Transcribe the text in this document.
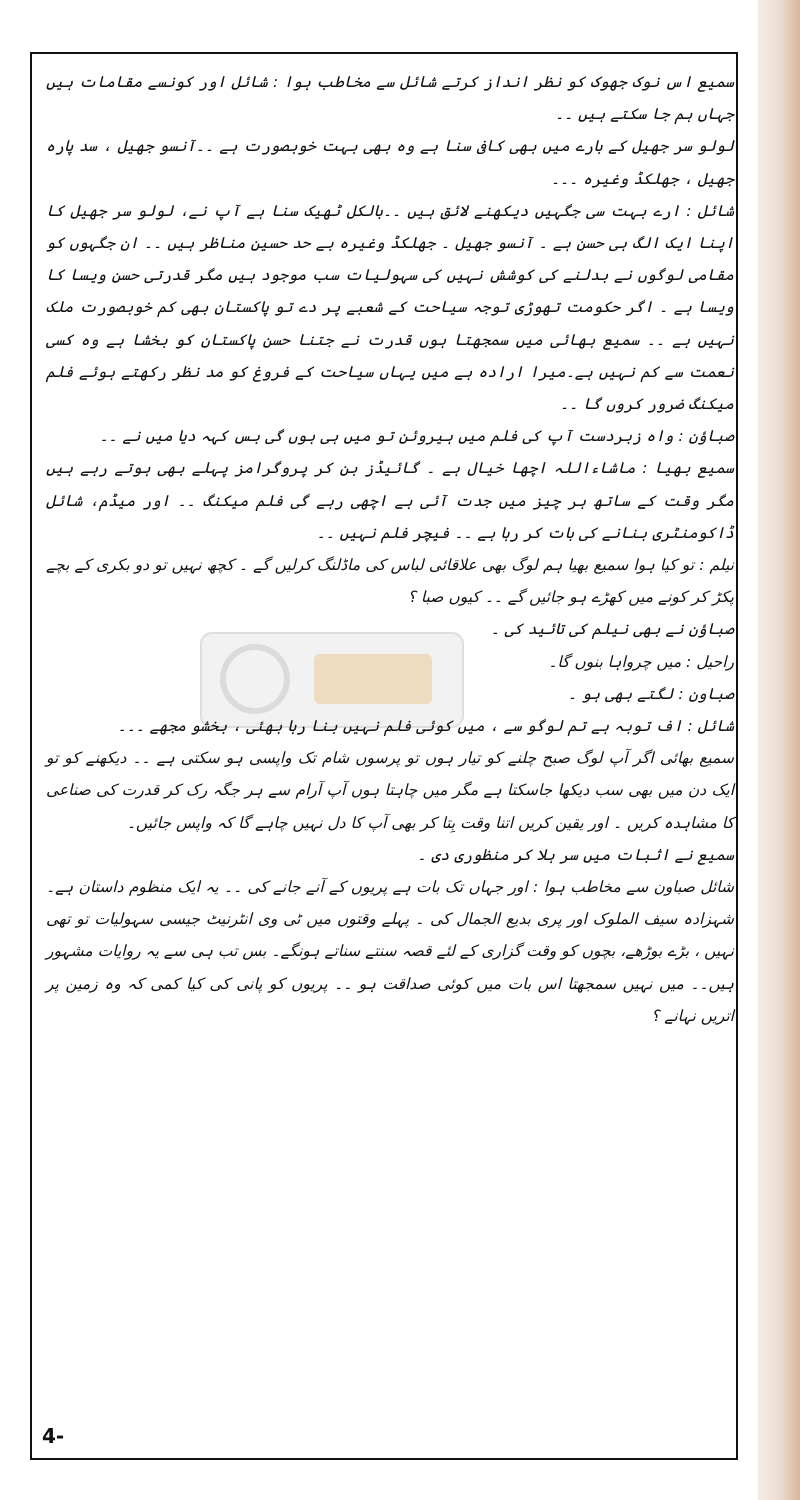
سمیع اس نوک جھوک کو نظر انداز کرتے شائل سے مخاطب ہوا : شائل اور کونسے مقامات ہیں جہاں ہم جا سکتے ہیں ۔۔

لولو سر جھیل کے بارے میں بھی کافی سنا ہے وہ بھی بہت خوبصورت ہے ۔۔آنسو جھیل ، سد پارہ جھیل ، جھلکڈ وغیرہ ۔۔۔

شائل : ارے بہت سی جگہیں دیکھنے لائق ہیں ۔۔بالکل ٹھیک سنا ہے آپ نے، لولو سر جھیل کا اپنا ایک الگ ہی حسن ہے ۔ آنسو جھیل ۔ جھلکڈ وغیرہ بے حد حسین مناظر ہیں ۔۔ ان جگہوں کو مقامی لوگوں نے بدلنے کی کوشش نہیں کی سہولیات سب موجود ہیں مگر قدرتی حسن ویسا کا ویسا ہے ۔ اگر حکومت تھوڑی توجہ سیاحت کے شعبے پر دے تو پاکستان بھی کم خوبصورت ملک نہیں ہے ۔۔ سمیع بھائی میں سمجھتا ہوں قدرت نے جتنا حسن پاکستان کو بخشا ہے وہ کسی نعمت سے کم نہیں ہے۔میرا ارادہ ہے میں یہاں سیاحت کے فروغ کو مد نظر رکھتے ہوئے فلم میکنگ ضرور کروں گا ۔۔

صباؤن : واہ زبردست آپ کی فلم میں ہیروئن تو میں ہی ہوں گی بس کہہ دیا میں نے ۔۔

سمیع بھیا : ماشاءاللہ اچھا خیال ہے ۔ گائیڈز بن کر پروگرامز پہلے بھی ہوتے رہے ہیں مگر وقت کے ساتھ ہر چیز میں جدت آئی ہے اچھی رہے گی فلم میکنگ ۔۔ اور میڈم، شائل ڈاکومنٹری بنانے کی بات کر رہا ہے ۔۔ فیچر فلم نہیں ۔۔

نیلم : تو کیا ہوا سمیع بھیا ہم لوگ بھی علاقائی لباس کی ماڈلنگ کرلیں گے ۔ کچھ نہیں تو دو بکری کے بچے پکڑ کر کونے میں کھڑے ہو جائیں گے ۔۔ کیوں صبا ؟

صباؤن نے بھی نیلم کی تائید کی ۔

راحیل : میں چرواہا بنوں گا۔

صباون : لگتے بھی ہو ۔

شائل : اف توبہ ہے تم لوگو سے ، میں کوئی فلم نہیں بنا رہا بھئی ، بخشو مجھے ۔۔۔

سمیع بھائی اگر آپ لوگ صبح چلنے کو تیار ہوں تو پرسوں شام تک واپسی ہو سکتی ہے ۔۔ دیکھنے کو تو ایک دن میں بھی سب دیکھا جاسکتا ہے مگر میں چاہتا ہوں آپ آرام سے ہر جگہ رک کر قدرت کی صناعی کا مشاہدہ کریں ۔ اور یقین کریں اتنا وقت بِتا کر بھی آپ کا دل نہیں چاہے گا کہ واپس جائیں۔

سمیع نے اثبات میں سر ہلا کر منظوری دی ۔

شائل صباون سے مخاطب ہوا : اور جہاں تک بات ہے پریوں کے آنے جانے کی ۔۔ یہ ایک منظوم داستان ہے۔ شہزادہ سیف الملوک اور پری بدیع الجمال کی ۔ پہلے وقتوں میں ٹی وی انٹرنیٹ جیسی سہولیات تو تھی نہیں ، بڑے بوڑھے، بچوں کو وقت گزاری کے لئے قصہ سنتے سناتے ہونگے۔ بس تب ہی سے یہ روایات مشہور ہیں۔۔ میں نہیں سمجھتا اس بات میں کوئی صداقت ہو ۔۔ پریوں کو پانی کی کیا کمی کہ وہ زمین پر اتریں نہانے ؟

4-
